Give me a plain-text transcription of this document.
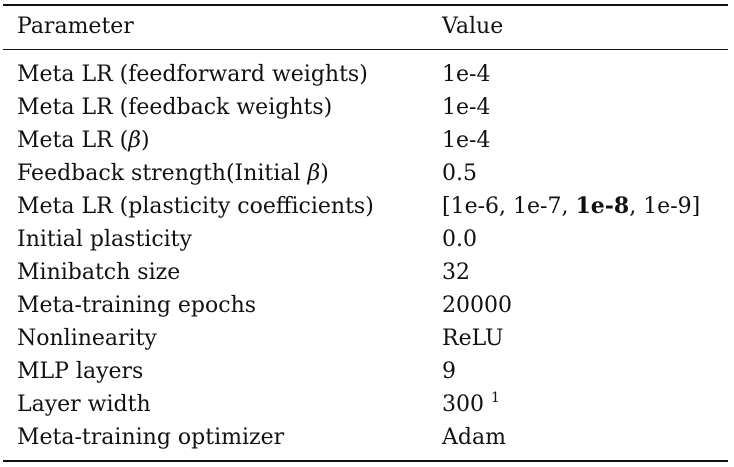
Parameter	Value
Meta LR (feedforward weights)	1e-4
Meta LR (feedback weights)	1e-4
Meta LR (β)	1e-4
Feedback strength(Initial β)	0.5
Meta LR (plasticity coefficients)	[1e-6, 1e-7, 1e-8, 1e-9]
Initial plasticity	0.0
Minibatch size	32
Meta-training epochs	20000
Nonlinearity	ReLU
MLP layers	9
Layer width	300 $^1$
Meta-training optimizer	Adam
